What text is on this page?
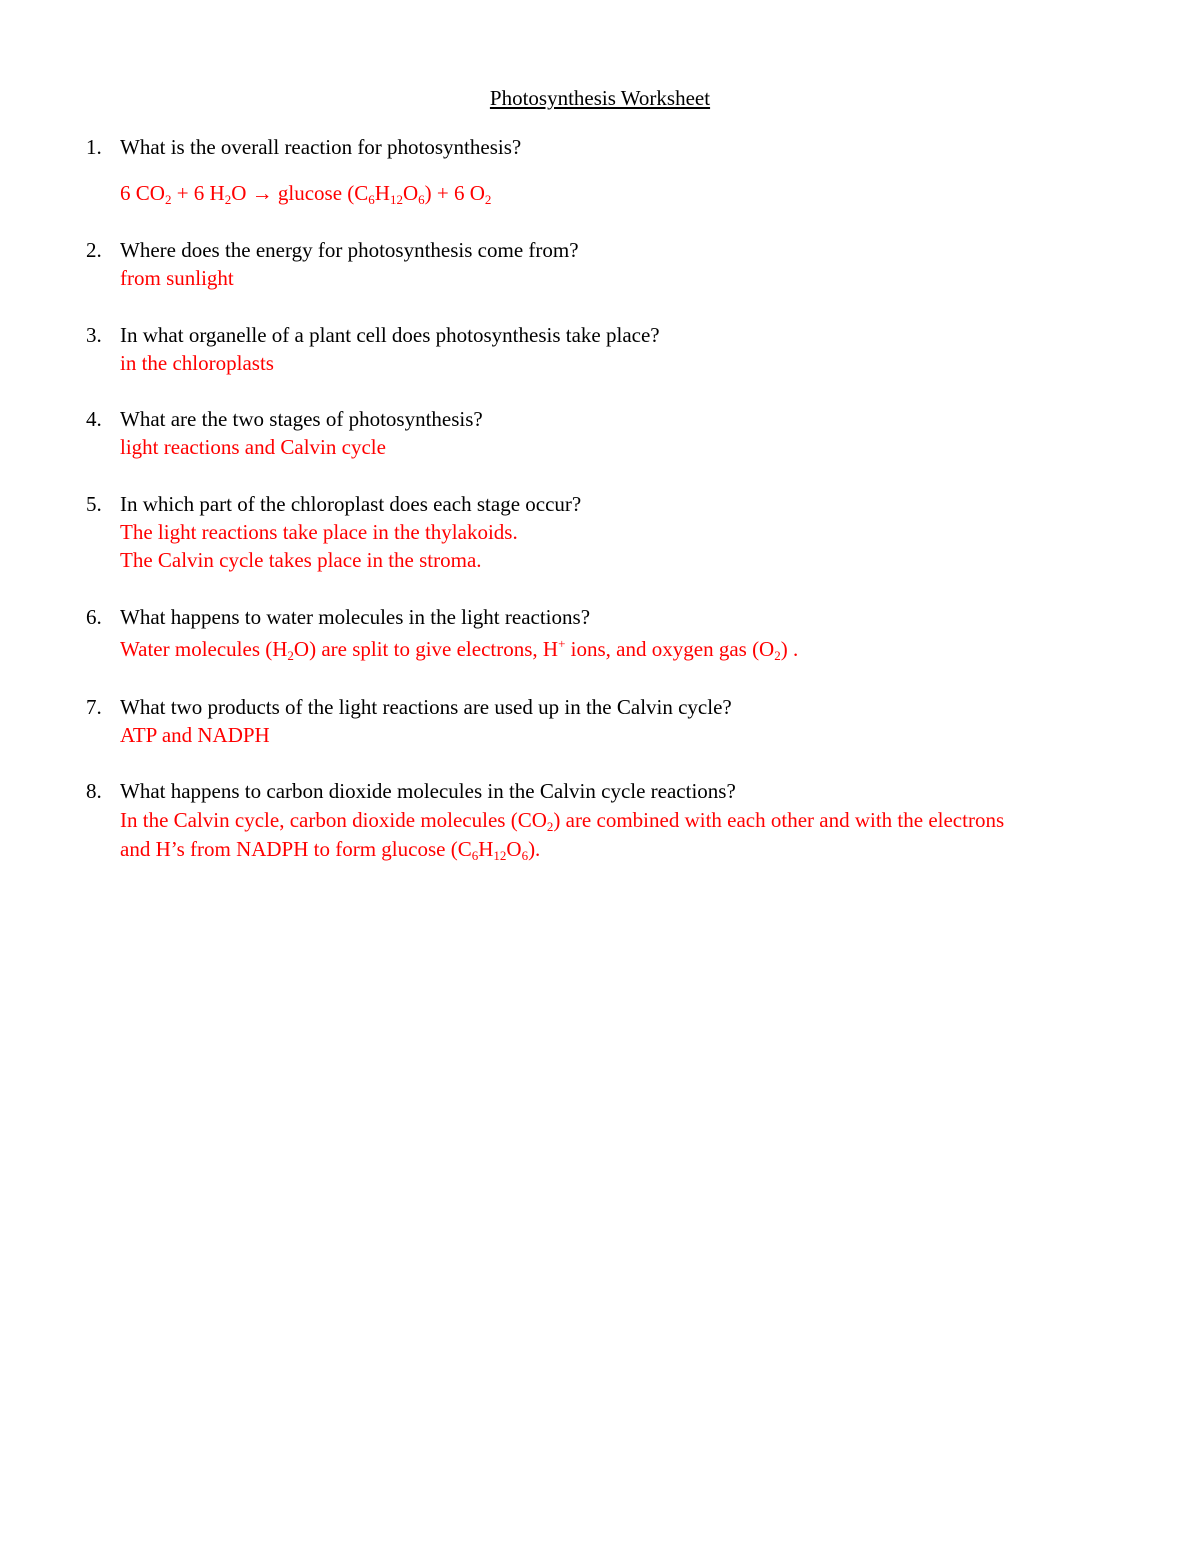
Photosynthesis Worksheet
1. What is the overall reaction for photosynthesis?
6 $CO_2 + 6$ $H_2O \to glucose$ $(C_6H_{12}O_6) + 6$ $O_2$
2. Where does the energy for photosynthesis come from?
from sunlight
3. In what organelle of a plant cell does photosynthesis take place?
in the chloroplasts
4. What are the two stages of photosynthesis?
light reactions and Calvin cycle
5. In which part of the chloroplast does each stage occur?
The light reactions take place in the thylakoids.
The Calvin cycle takes place in the stroma.
6. What happens to water molecules in the light reactions?
Water molecules $(H_2O)$ are split to give electrons, H+ ions, and oxygen gas $(O_2)$ .
7. What two products of the light reactions are used up in the Calvin cycle?
ATP and NADPH
8. What happens to carbon dioxide molecules in the Calvin cycle reactions?
In the Calvin cycle, carbon dioxide molecules $(CO_2)$ are combined with each other and with the electrons
and H’s from NADPH to form glucose $(C_6H_{12}O_6)$.
